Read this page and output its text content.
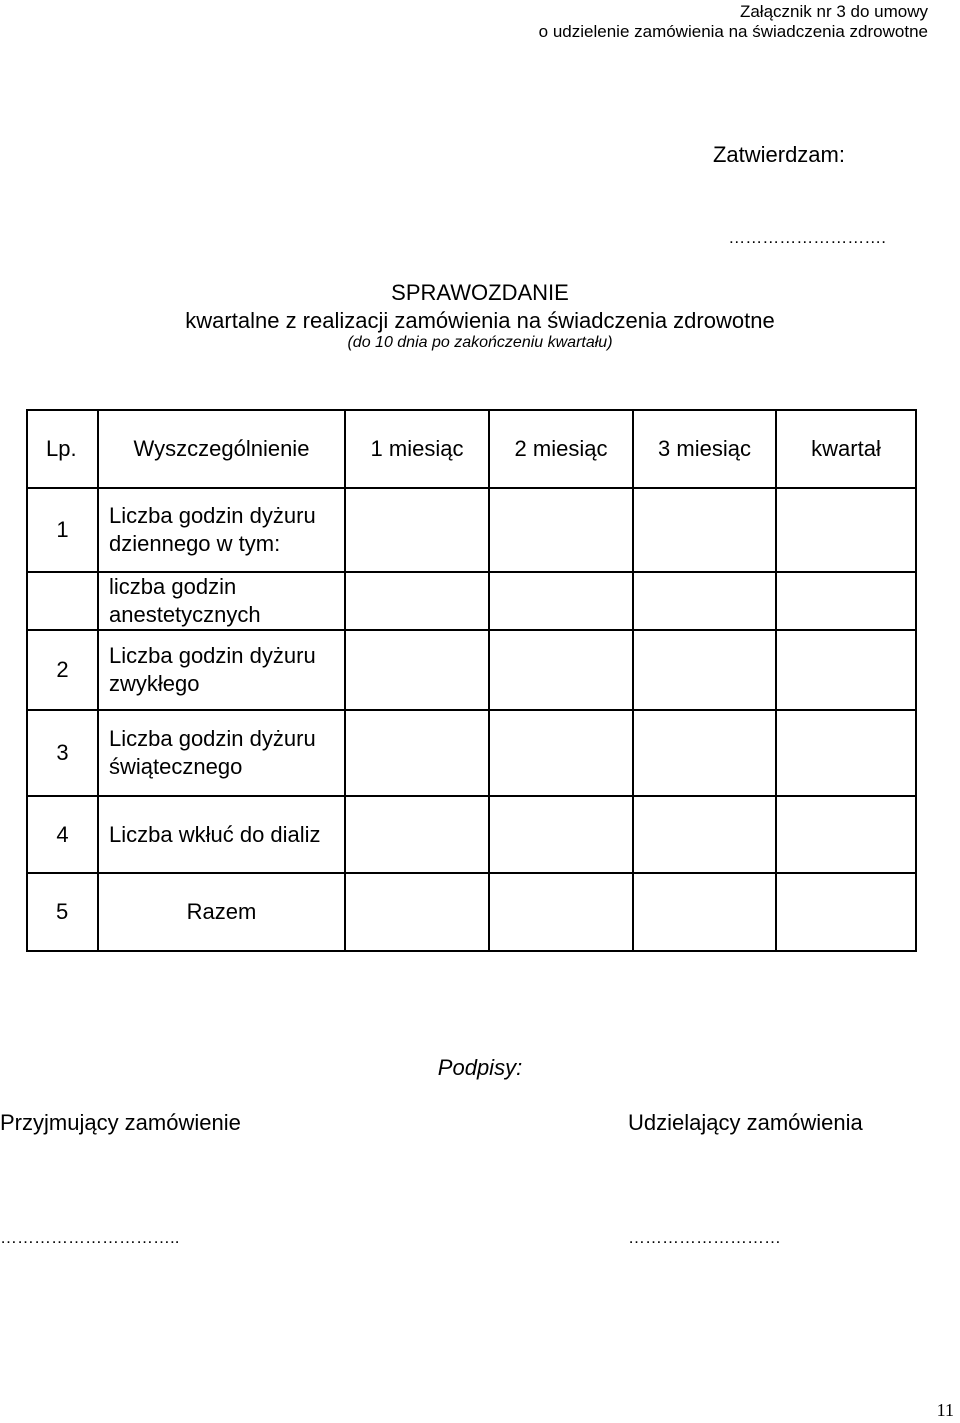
Załącznik nr 3 do umowy
o udzielenie zamówienia na świadczenia zdrowotne
Zatwierdzam:
……………………….
SPRAWOZDANIE
kwartalne z realizacji zamówienia na świadczenia zdrowotne
(do 10 dnia po zakończeniu kwartału)
Lp.	Wyszczególnienie	1 miesiąc	2 miesiąc	3 miesiąc	kwartał
1	Liczba godzin dyżuru dziennego w tym:				
	liczba godzin anestetycznych				
2	Liczba godzin dyżuru zwykłego				
3	Liczba godzin dyżuru świątecznego				
4	Liczba wkłuć do dializ				
5	Razem				
Podpisy:
Przyjmujący zamówienie	Udzielający zamówienia
…………………………..	………………………
11
